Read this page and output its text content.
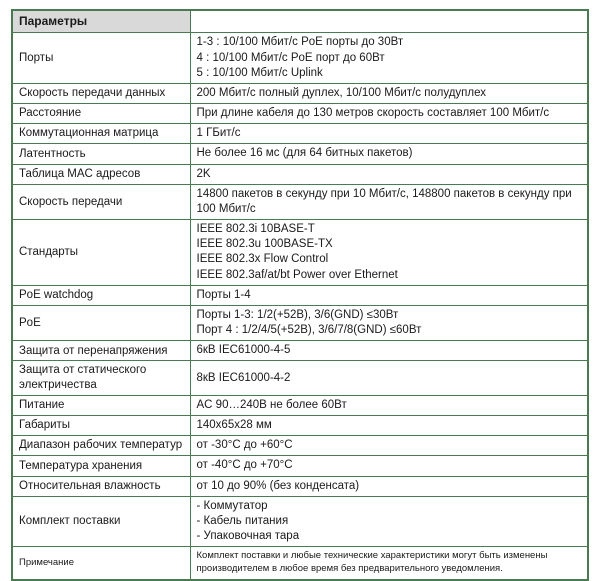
Параметры	
Порты	1-3 : 10/100 Мбит/с PoE порты до 30Вт
4 : 10/100 Мбит/с PoE порт до 60Вт
5 : 10/100 Мбит/с Uplink

Скорость передачи данных	200 Мбит/с полный дуплех, 10/100 Мбит/с полудуплех

Расстояние	При длине кабеля до 130 метров скорость составляет 100 Мбит/с

Коммутационная матрица	1 ГБит/с

Латентность	Не более 16 мс (для 64 битных пакетов)

Таблица MAC адресов	2K

Скорость передачи	14800 пакетов в секунду при 10 Мбит/с, 148800 пакетов в секунду при
100 Мбит/с

Стандарты	IEEE 802.3i 10BASE-T
IEEE 802.3u 100BASE-TX
IEEE 802.3x Flow Control
IEEE 802.3af/at/bt Power over Ethernet

PoE watchdog	Порты 1-4

PoE	Порты 1-3: 1/2(+52В), 3/6(GND) ≤30Вт
Порт 4 : 1/2/4/5(+52В), 3/6/7/8(GND) ≤60Вт

Защита от перенапряжения	6кВ IEC61000-4-5

Защита от статического
электричества	8кВ IEC61000-4-2

Питание	AC 90…240В не более 60Вт

Габариты	140x65x28 мм

Диапазон рабочих температур	от -30°C до +60°C

Температура хранения	от -40°C до +70°C

Относительная влажность	от 10 до 90% (без конденсата)

Комплект поставки	- Коммутатор
- Кабель питания
- Упаковочная тара

Примечание	Комплект поставки и любые технические характеристики могут быть изменены
производителем в любое время без предварительного уведомления.
